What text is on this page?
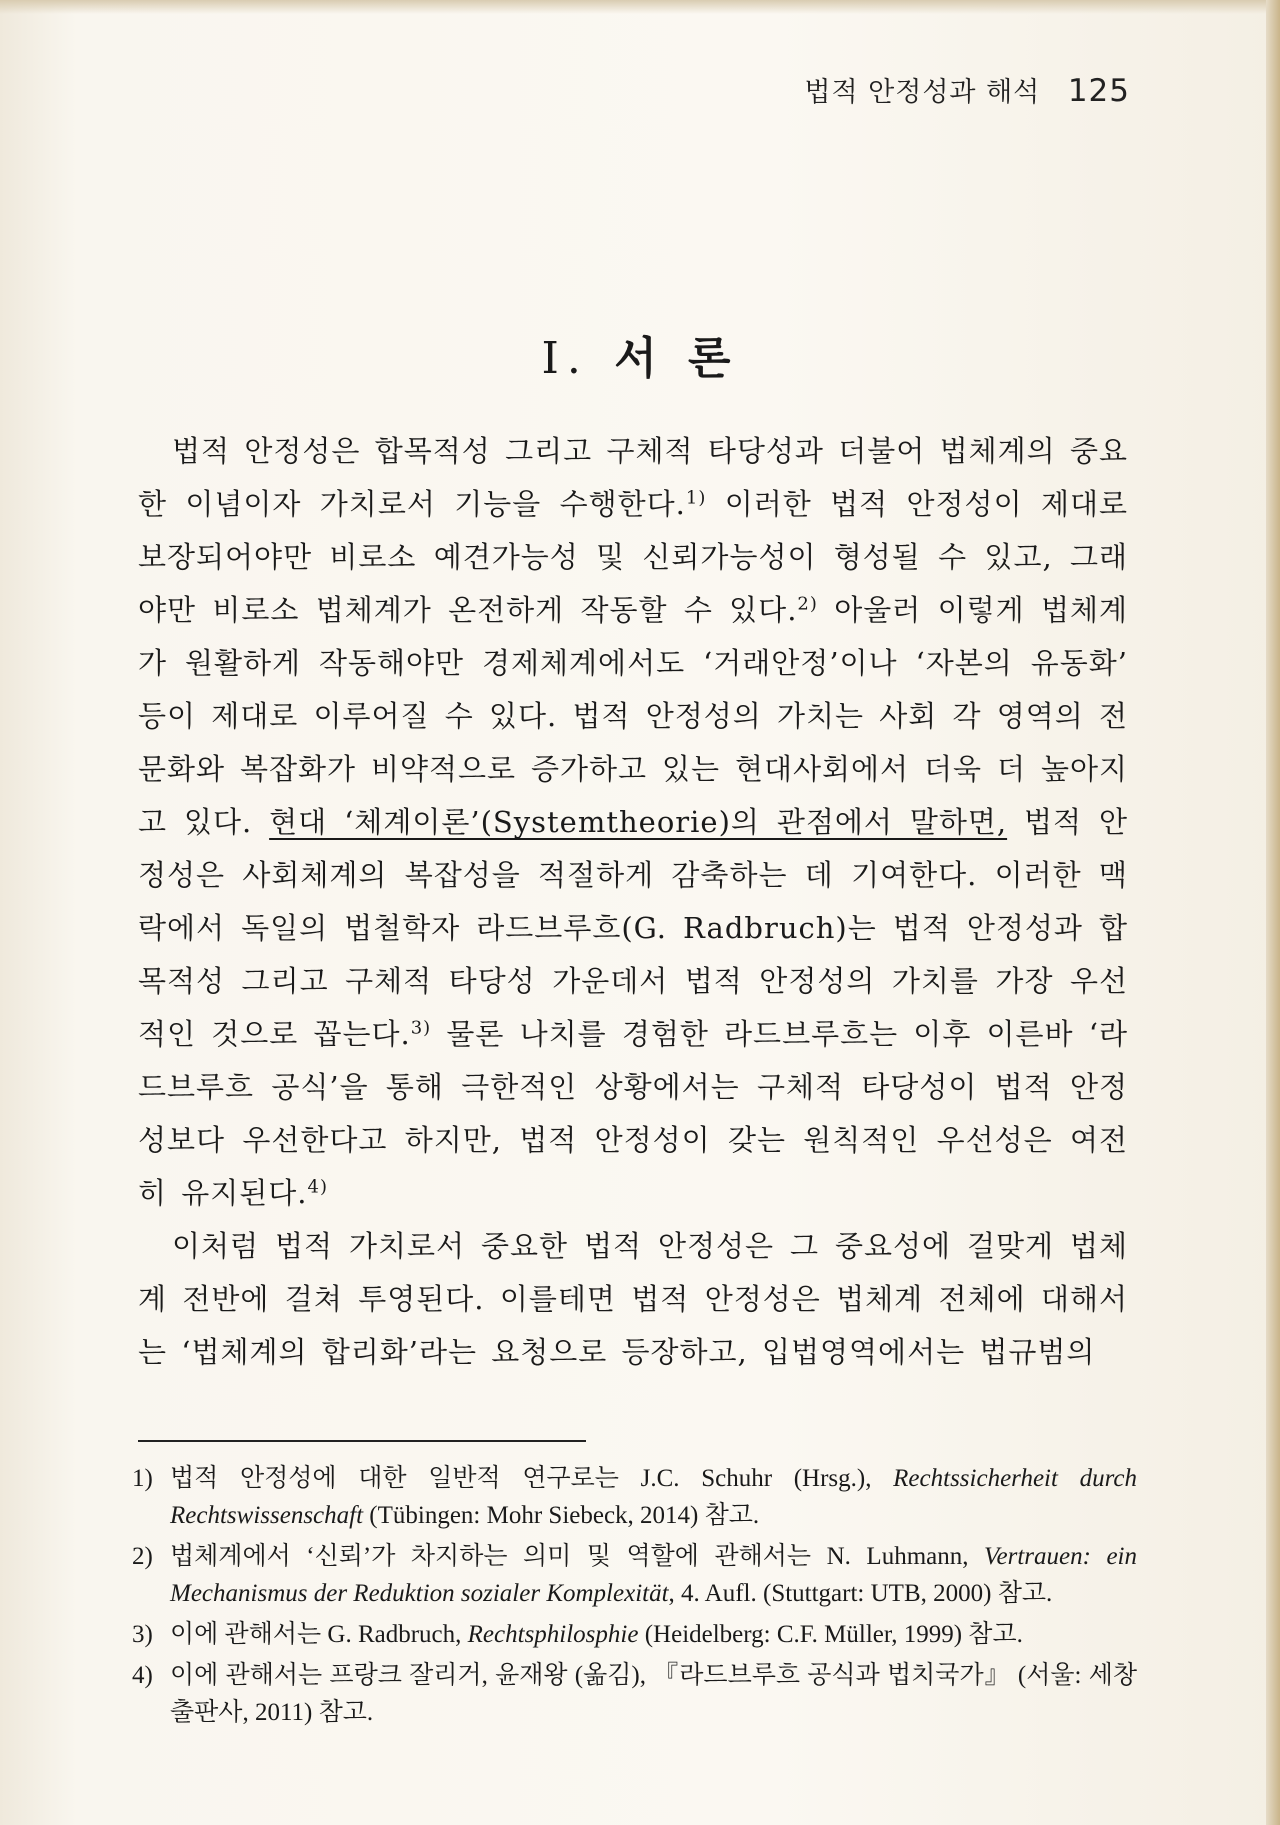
법적 안정성과 해석 125
Ⅰ. 서 론

법적 안정성은 합목적성 그리고 구체적 타당성과 더불어 법체계의 중요한 이념이자 가치로서 기능을 수행한다.$^{1)}$ 이러한 법적 안정성이 제대로 보장되어야만 비로소 예견가능성 및 신뢰가능성이 형성될 수 있고, 그래야만 비로소 법체계가 온전하게 작동할 수 있다.$^{2)}$ 아울러 이렇게 법체계가 원활하게 작동해야만 경제체계에서도 ‘거래안정’이나 ‘자본의 유동화’ 등이 제대로 이루어질 수 있다. 법적 안정성의 가치는 사회 각 영역의 전문화와 복잡화가 비약적으로 증가하고 있는 현대사회에서 더욱 더 높아지고 있다. 현대 ‘체계이론’(Systemtheorie)의 관점에서 말하면, 법적 안정성은 사회체계의 복잡성을 적절하게 감축하는 데 기여한다. 이러한 맥락에서 독일의 법철학자 라드브루흐(G. Radbruch)는 법적 안정성과 합목적성 그리고 구체적 타당성 가운데서 법적 안정성의 가치를 가장 우선적인 것으로 꼽는다.$^{3)}$ 물론 나치를 경험한 라드브루흐는 이후 이른바 ‘라드브루흐 공식’을 통해 극한적인 상황에서는 구체적 타당성이 법적 안정성보다 우선한다고 하지만, 법적 안정성이 갖는 원칙적인 우선성은 여전히 유지된다.$^{4)}$

이처럼 법적 가치로서 중요한 법적 안정성은 그 중요성에 걸맞게 법체계 전반에 걸쳐 투영된다. 이를테면 법적 안정성은 법체계 전체에 대해서는 ‘법체계의 합리화’라는 요청으로 등장하고, 입법영역에서는 법규범의

1) 법적 안정성에 대한 일반적 연구로는 J.C. Schuhr (Hrsg.), Rechtssicherheit durch Rechtswissenschaft (Tübingen: Mohr Siebeck, 2014) 참고.
2) 법체계에서 ‘신뢰’가 차지하는 의미 및 역할에 관해서는 N. Luhmann, Vertrauen: ein Mechanismus der Reduktion sozialer Komplexität, 4. Aufl. (Stuttgart: UTB, 2000) 참고.
3) 이에 관해서는 G. Radbruch, Rechtsphilosphie (Heidelberg: C.F. Müller, 1999) 참고.
4) 이에 관해서는 프랑크 잘리거, 윤재왕 (옮김), 『라드브루흐 공식과 법치국가』 (서울: 세창출판사, 2011) 참고.
